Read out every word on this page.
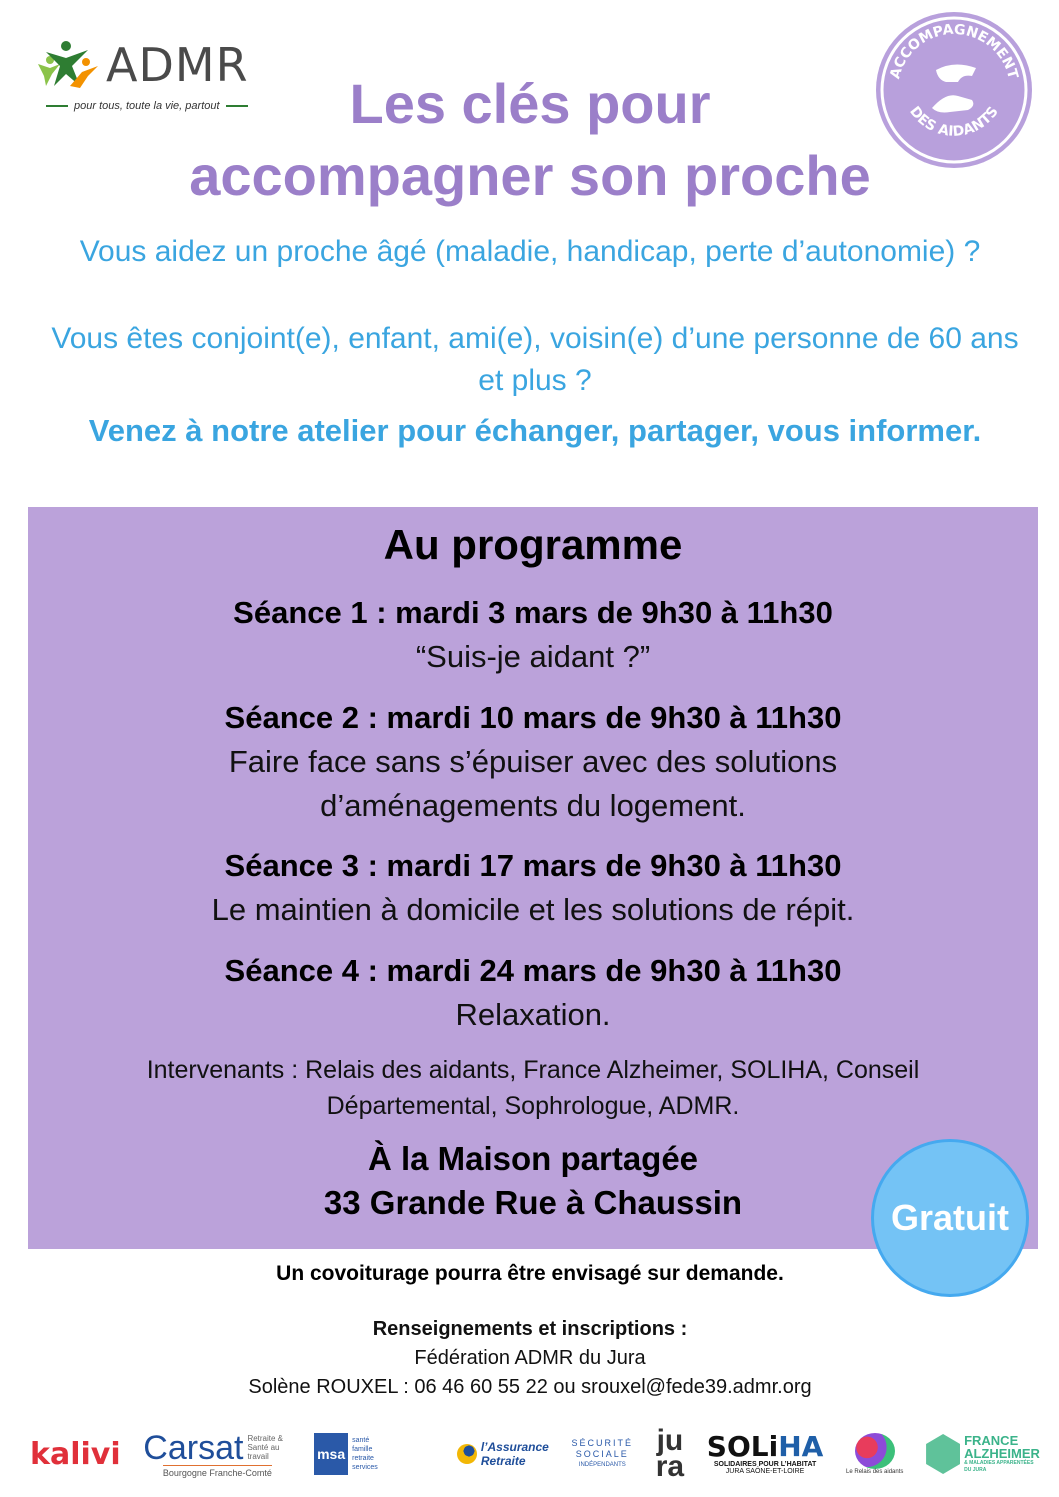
ADMR
pour tous, toute la vie, partout
ACCOMPAGNEMENT
DES AIDANTS
Les clés pour
accompagner son proche
Vous aidez un proche âgé (maladie, handicap, perte d’autonomie) ?
Vous êtes conjoint(e), enfant, ami(e), voisin(e) d’une personne de 60 ans et plus ?
Venez à notre atelier pour échanger, partager, vous informer.
Au programme
Séance 1 : mardi 3 mars de 9h30 à 11h30
“Suis-je aidant ?”
Séance 2 : mardi 10 mars de 9h30 à 11h30
Faire face sans s’épuiser avec des solutions d’aménagements du logement.
Séance 3 : mardi 17 mars de 9h30 à 11h30
Le maintien à domicile et les solutions de répit.
Séance 4 : mardi 24 mars de 9h30 à 11h30
Relaxation.
Intervenants : Relais des aidants, France Alzheimer, SOLIHA, Conseil Départemental, Sophrologue, ADMR.
À la Maison partagée
33 Grande Rue à Chaussin	Gratuit
Un covoiturage pourra être envisagé sur demande.
Renseignements et inscriptions :
Fédération ADMR du Jura
Solène ROUXEL : 06 46 60 55 22 ou srouxel@fede39.admr.org
kalivi Carsat Retraite & Santé au travail
Bourgogne Franche-Comté
msa
santé
famille
retraite
services
l’Assurance
Retraite
SÉCURITÉ
SOCIALE
INDÉPENDANTS
ju
ra
SOLiHA
SOLIDAIRES POUR L’HABITAT
JURA SAÔNE-ET-LOIRE	Le Relais des aidants
FRANCE
ALZHEIMER
& MALADIES APPARENTÉES
DU JURA
